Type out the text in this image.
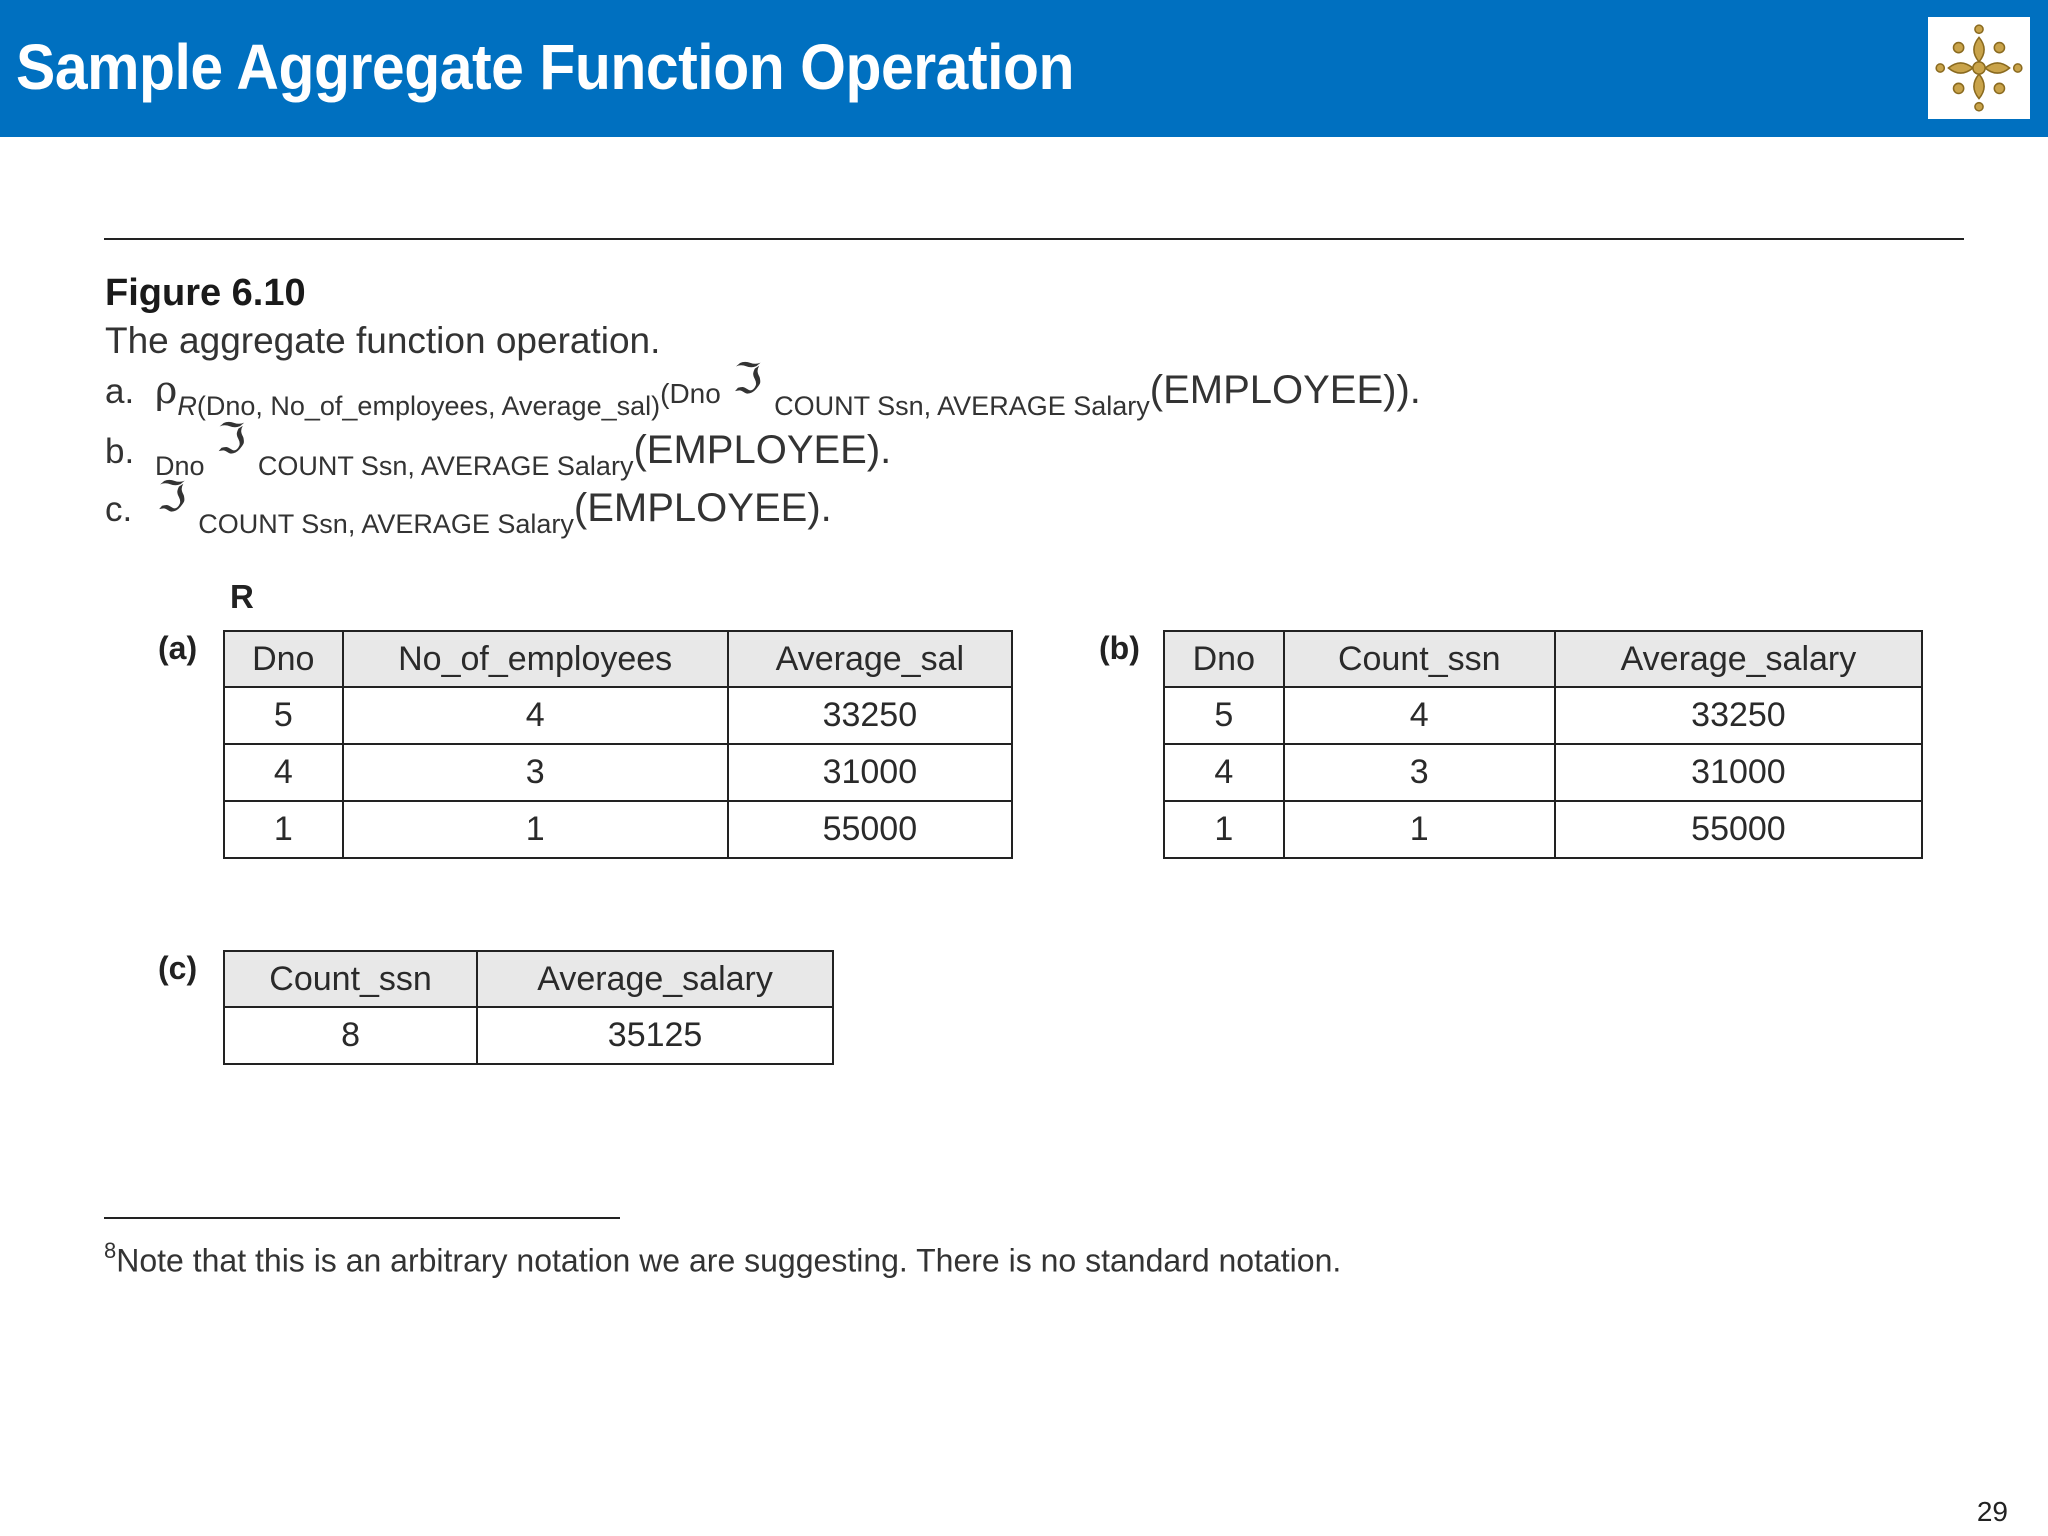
Sample Aggregate Function Operation
Figure 6.10
The aggregate function operation.
a. $\rho_{R(Dno, No\_of\_employees, Average\_sal)}(Dno$ ℑ$_{COUNT Ssn, AVERAGE Salary}$(EMPLOYEE)).
b. $_{Dno}$ℑ$_{COUNT Ssn, AVERAGE Salary}$(EMPLOYEE).
c. ℑ$_{COUNT Ssn, AVERAGE Salary}$(EMPLOYEE).
R
(a) Dno	No_of_employees	Average_sal
5	4	33250
4	3	31000
1	1	55000
(b) Dno	Count_ssn	Average_salary
5	4	33250
4	3	31000
1	1	55000
(c) Count_ssn	Average_salary
8	35125
$^8$Note that this is an arbitrary notation we are suggesting. There is no standard notation.
29
